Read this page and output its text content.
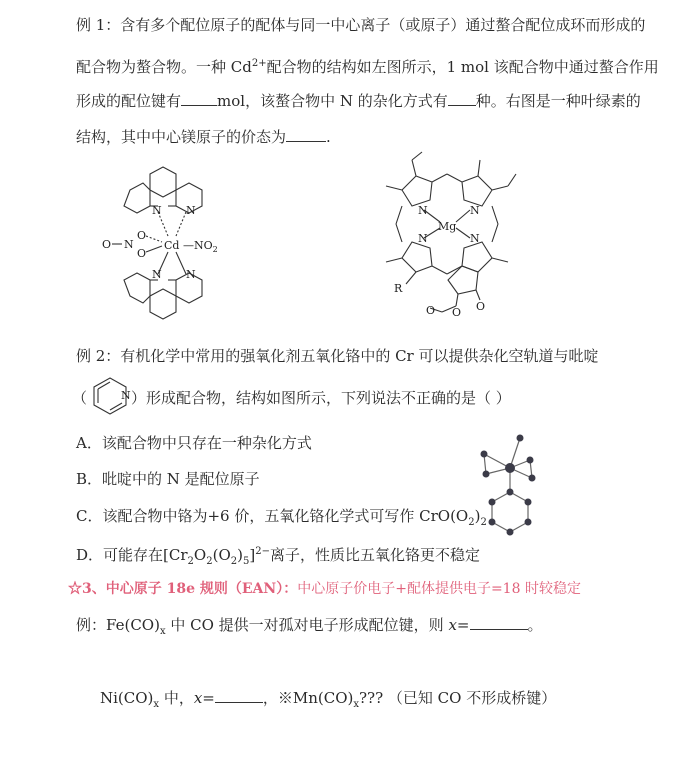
例 1：含有多个配位原子的配体与同一中心离子（或原子）通过螯合配位成环而形成的
配合物为螯合物。一种 $Cd^{2+}$配合物的结构如左图所示，1 mol 该配合物中通过螯合作用
形成的配位键有 mol，该螯合物中 N 的杂化方式有 种。右图是一种叶绿素的
结构，其中中心镁原子的价态为	.
N N
N N
Cd $—NO_2$
O
O
O N
N	N
N	N
Mg
R
O
O
O
例 2：有机化学中常用的强氧化剂五氧化铬中的 Cr 可以提供杂化空轨道与吡啶
（	）形成配合物，结构如图所示，下列说法不正确的是（ ）
N
A．该配合物中只存在一种杂化方式
B．吡啶中的 N 是配位原子
C．该配合物中铬为+6 价，五氧化铬化学式可写作 $CrO(O_2)_2$
D．可能存在$[Cr_2O_2(O_2)_5]^{2-}$离子，性质比五氧化铬更不稳定
☆3、中心原子 18e 规则（EAN）：中心原子价电子+配体提供电子=18 时较稳定
例：$Fe(CO)_x$ 中 CO 提供一对孤对电子形成配位键，则 x=	。
$Ni(CO)_x$ 中，x=	，$※Mn(CO)_x$??? （已知 CO 不形成桥键）
